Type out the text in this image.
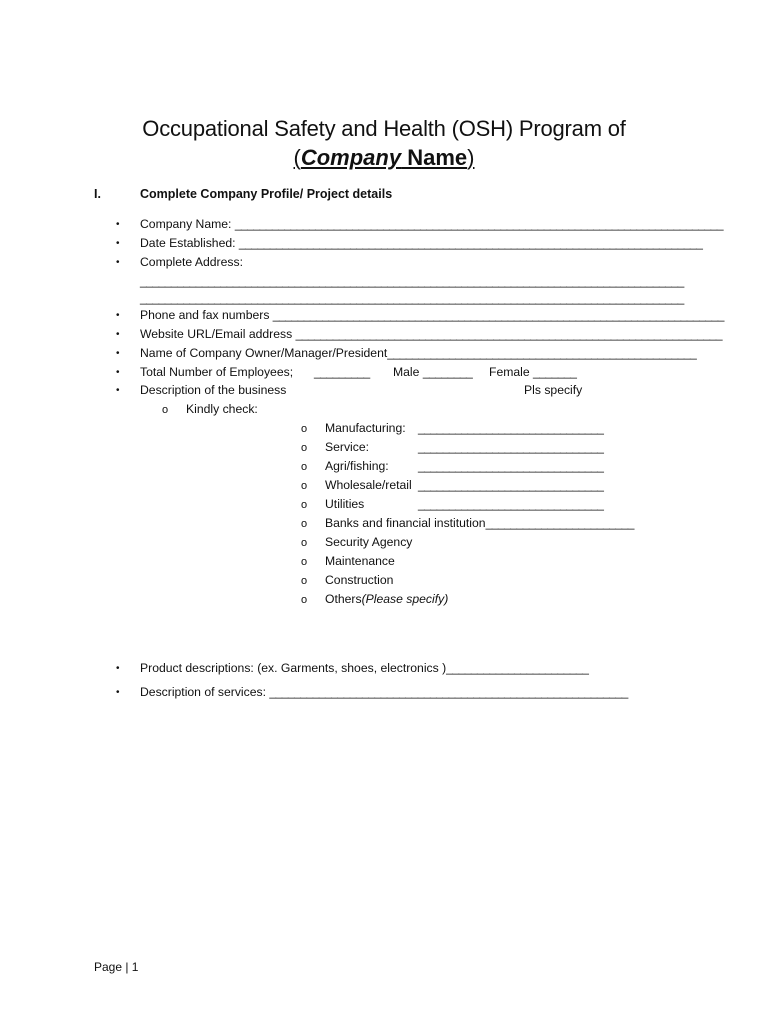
Occupational Safety and Health (OSH) Program of
(Company Name)
I.	Complete Company Profile/ Project details
• Company Name: _______________________________________________________________________________
• Date Established: ___________________________________________________________________________
• Complete Address:
________________________________________________________________________________________
________________________________________________________________________________________
• Phone and fax numbers _________________________________________________________________________
• Website URL/Email address _____________________________________________________________________
• Name of Company Owner/Manager/President__________________________________________________
• Total Number of Employees; _________ Male ________ Female _______
• Description of the business	Pls specify
o Kindly check:
o Manufacturing: ______________________________
o Service:	______________________________
o Agri/fishing: ______________________________
o Wholesale/retail ______________________________
o Utilities	______________________________
o Banks and financial institution________________________
o Security Agency
o Maintenance
o Construction
o Others(Please specify)
• Product descriptions: (ex. Garments, shoes, electronics )_______________________
• Description of services: __________________________________________________________
Page | 1
